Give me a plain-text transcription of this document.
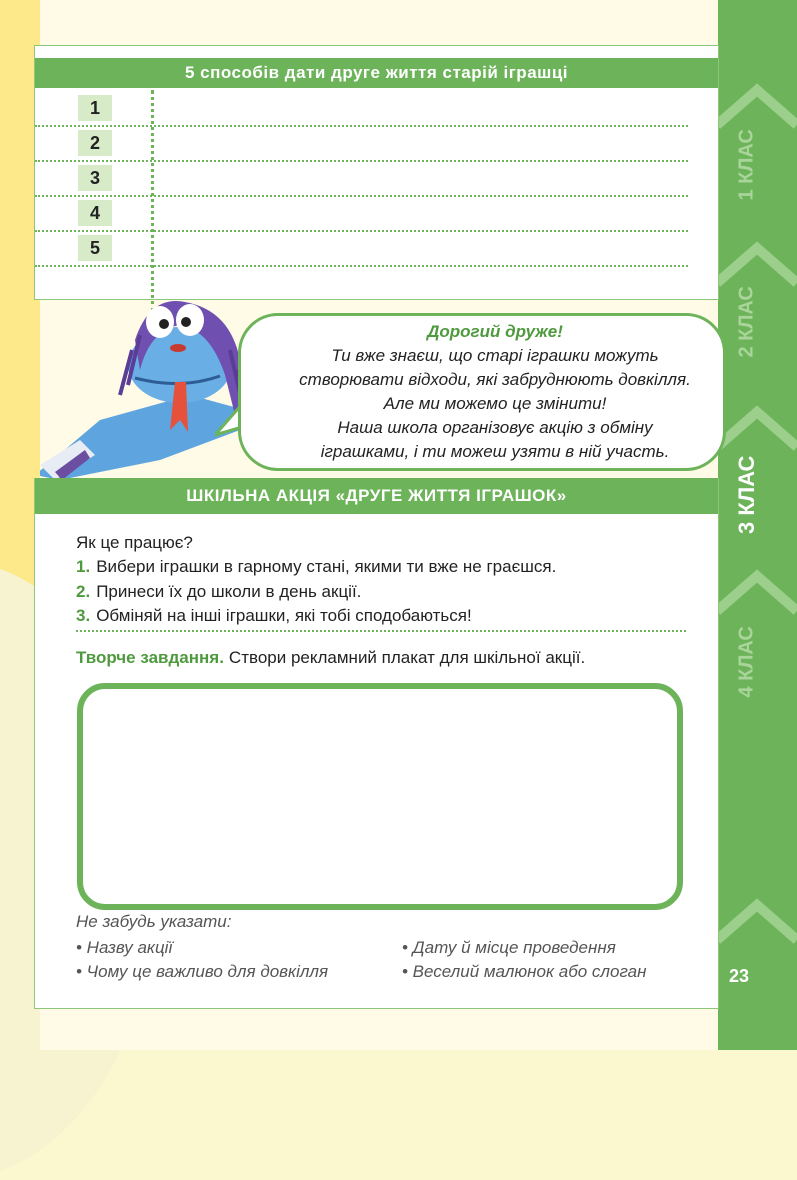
1 КЛАС
2 КЛАС
3 КЛАС
4 КЛАС
23
5 способів дати друге життя старій іграшці
1
2
3
4
5
Дорогий друже!
Ти вже знаєш, що старі іграшки можуть
створювати відходи, які забруднюють довкілля.
Але ми можемо це змінити!
Наша школа організовує акцію з обміну
іграшками, і ти можеш узяти в ній участь.
ШКІЛЬНА АКЦІЯ «ДРУГЕ ЖИТТЯ ІГРАШОК»
Як це працює?
1. Вибери іграшки в гарному стані, якими ти вже не граєшся.
2. Принеси їх до школи в день акції.
3. Обміняй на інші іграшки, які тобі сподобаються!
Творче завдання. Створи рекламний плакат для шкільної акції.
Не забудь указати:
• Назву акції	• Дату й місце проведення
• Чому це важливо для довкілля	• Веселий малюнок або слоган
